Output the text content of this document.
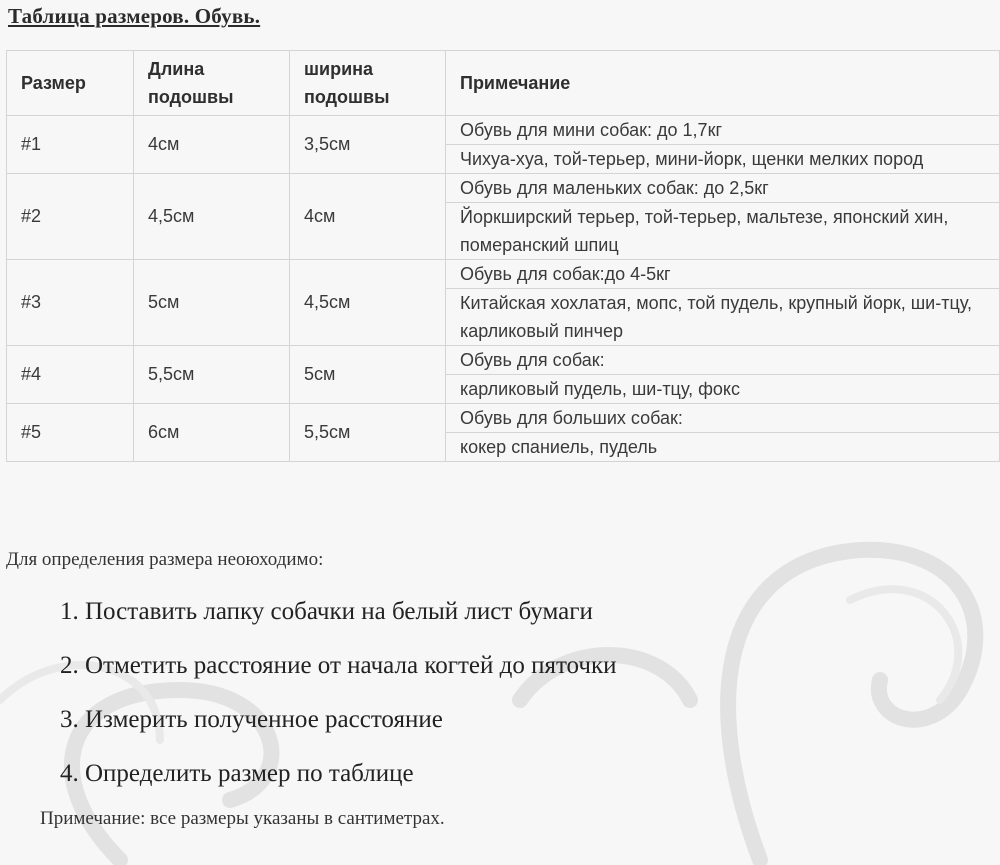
Таблица размеров. Обувь.
Размер	Длина подошвы	ширина подошвы	Примечание
#1	4см	3,5см	Обувь для мини собак: до 1,7кг
			Чихуа-хуа, той-терьер, мини-йорк, щенки мелких пород
#2	4,5см	4см	Обувь для маленьких собак: до 2,5кг
			Йоркширский терьер, той-терьер, мальтезе, японский хин, померанский шпиц
#3	5см	4,5см	Обувь для собак:до 4-5кг
			Китайская хохлатая, мопс, той пудель, крупный йорк, ши-тцу, карликовый пинчер
#4	5,5см	5см	Обувь для собак:
			карликовый пудель, ши-тцу, фокс
#5	6см	5,5см	Обувь для больших собак:
			кокер спаниель, пудель
Для определения размера неоюходимо:
1. Поставить лапку собачки на белый лист бумаги
2. Отметить расстояние от начала когтей до пяточки
3. Измерить полученное расстояние
4. Определить размер по таблице
Примечание: все размеры указаны в сантиметрах.
